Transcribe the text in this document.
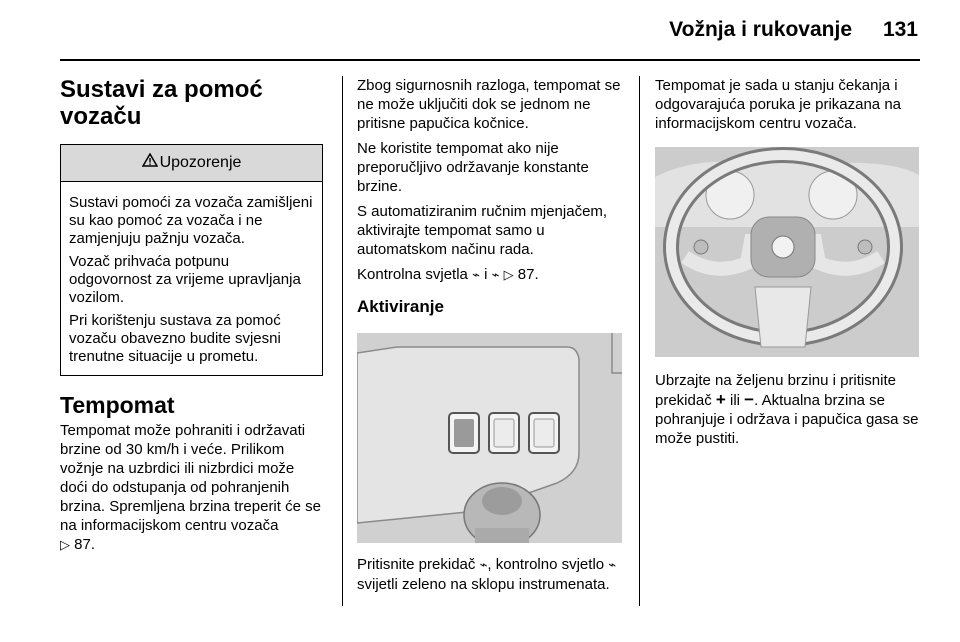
Vožnja i rukovanje 131
Sustavi za pomoć
vozaču
Upozorenje

Sustavi pomoći za vozača zamišljeni su kao pomoć za vozača i ne zamjenjuju pažnju vozača.

Vozač prihvaća potpunu odgovornost za vrijeme upravljanja vozilom.

Pri korištenju sustava za pomoć vozaču obavezno budite svjesni trenutne situacije u prometu.

Tempomat

Tempomat može pohraniti i održavati brzine od 30 km/h i veće. Prilikom vožnje na uzbrdici ili nizbrdici može doći do odstupanja od pohranjenih brzina. Spremljena brzina treperit će se na informacijskom centru vozača
▷ 87.

Zbog sigurnosnih razloga, tempomat se ne može uključiti dok se jednom ne pritisne papučica kočnice.

Ne koristite tempomat ako nije preporučljivo održavanje konstante brzine.

S automatiziranim ručnim mjenjačem, aktivirajte tempomat samo u automatskom načinu rada.

Kontrolna svjetla ⌁ i ⌁ ▷ 87.

Aktiviranje

Pritisnite prekidač ⌁, kontrolno svjetlo ⌁ svijetli zeleno na sklopu instrumenata.

Tempomat je sada u stanju čekanja i odgovarajuća poruka je prikazana na informacijskom centru vozača.

Ubrzajte na željenu brzinu i pritisnite prekidač + ili −. Aktualna brzina se pohranjuje i održava i papučica gasa se može pustiti.
